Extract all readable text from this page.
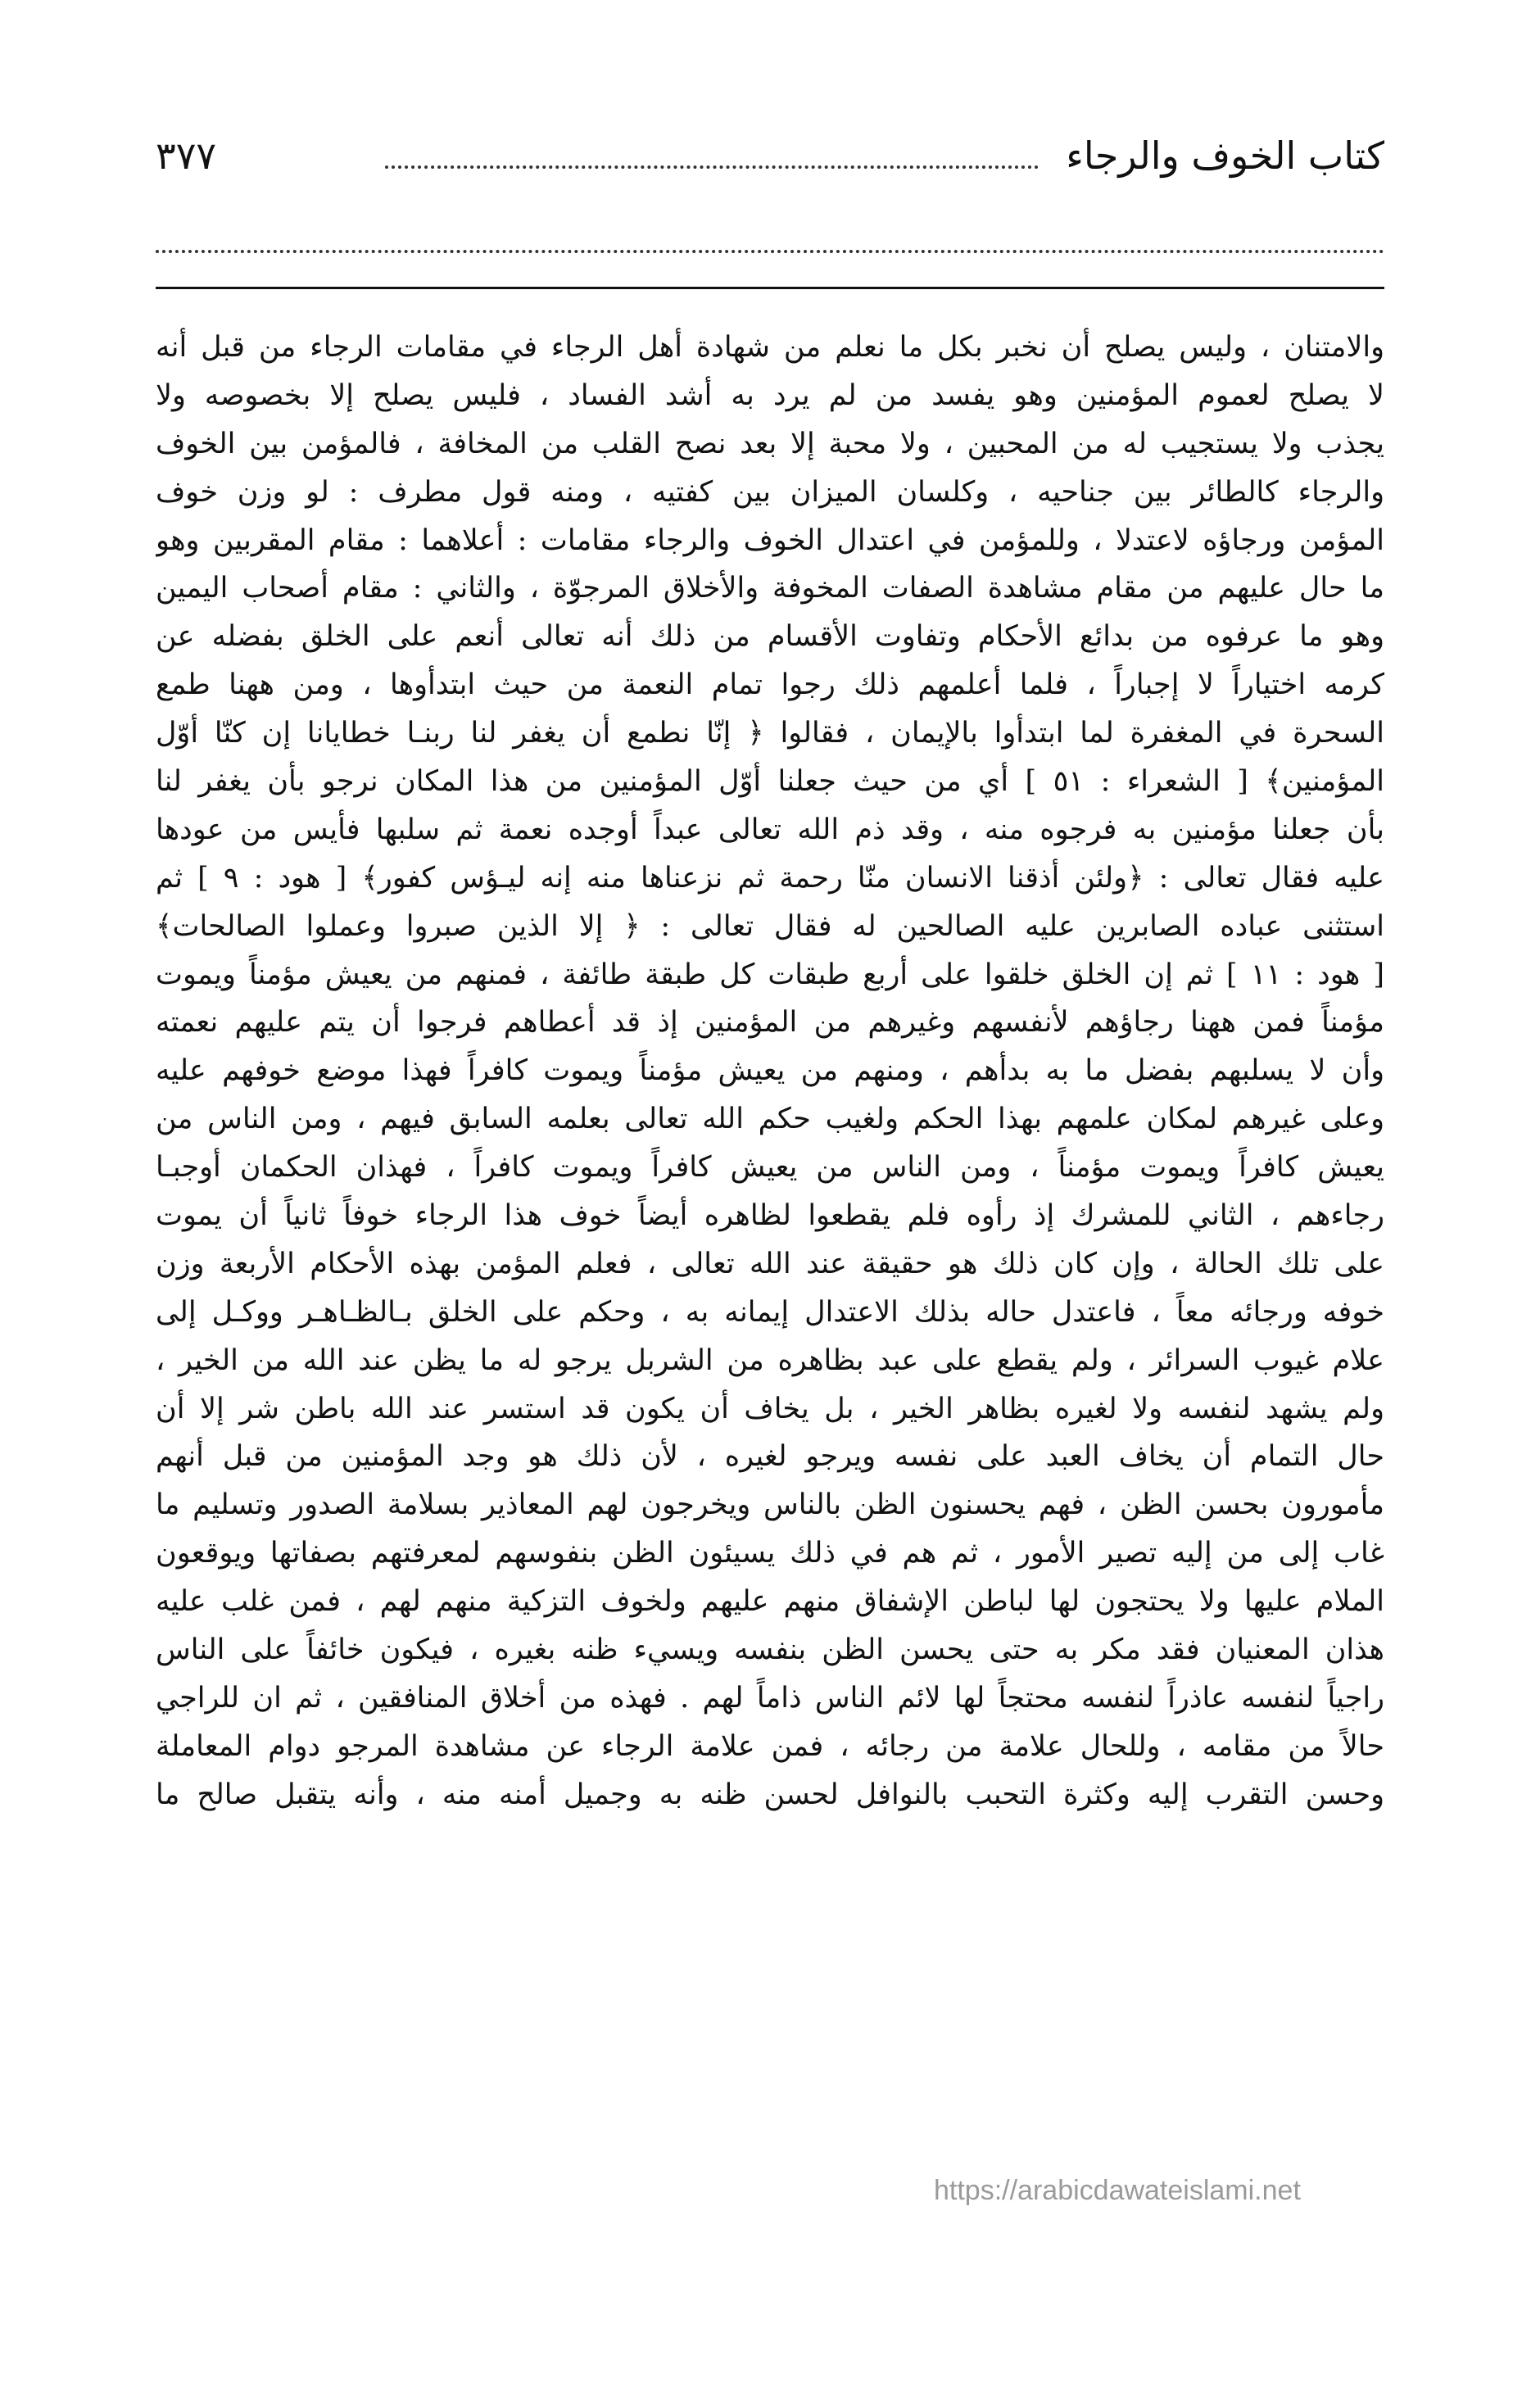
كتاب الخوف والرجاء
٣٧٧
والامتنان ، وليس يصلح أن نخبر بكل ما نعلم من شهادة أهل الرجاء في مقامات الرجاء من قبل أنه
لا يصلح لعموم المؤمنين وهو يفسد من لم يرد به أشد الفساد ، فليس يصلح إلا بخصوصه ولا
يجذب ولا يستجيب له من المحبين ، ولا محبة إلا بعد نصح القلب من المخافة ، فالمؤمن بين الخوف
والرجاء كالطائر بين جناحيه ، وكلسان الميزان بين كفتيه ، ومنه قول مطرف : لو وزن خوف
المؤمن ورجاؤه لاعتدلا ، وللمؤمن في اعتدال الخوف والرجاء مقامات : أعلاهما : مقام المقربين وهو
ما حال عليهم من مقام مشاهدة الصفات المخوفة والأخلاق المرجوّة ، والثاني : مقام أصحاب اليمين
وهو ما عرفوه من بدائع الأحكام وتفاوت الأقسام من ذلك أنه تعالى أنعم على الخلق بفضله عن
كرمه اختياراً لا إجباراً ، فلما أعلمهم ذلك رجوا تمام النعمة من حيث ابتدأوها ، ومن ههنا طمع
السحرة في المغفرة لما ابتدأوا بالإيمان ، فقالوا ﴿ إنّا نطمع أن يغفر لنا ربنـا خطايانا إن كنّا أوّل
المؤمنين﴾ [ الشعراء : ٥١ ] أي من حيث جعلنا أوّل المؤمنين من هذا المكان نرجو بأن يغفر لنا
بأن جعلنا مؤمنين به فرجوه منه ، وقد ذم الله تعالى عبداً أوجده نعمة ثم سلبها فأيس من عودها
عليه فقال تعالى : ﴿ولئن أذقنا الانسان منّا رحمة ثم نزعناها منه إنه ليـؤس كفور﴾ [ هود : ٩ ] ثم
استثنى عباده الصابرين عليه الصالحين له فقال تعالى : ﴿ إلا الذين صبروا وعملوا الصالحات﴾
[ هود : ١١ ] ثم إن الخلق خلقوا على أربع طبقات كل طبقة طائفة ، فمنهم من يعيش مؤمناً ويموت
مؤمناً فمن ههنا رجاؤهم لأنفسهم وغيرهم من المؤمنين إذ قد أعطاهم فرجوا أن يتم عليهم نعمته
وأن لا يسلبهم بفضل ما به بدأهم ، ومنهم من يعيش مؤمناً ويموت كافراً فهذا موضع خوفهم عليه
وعلى غيرهم لمكان علمهم بهذا الحكم ولغيب حكم الله تعالى بعلمه السابق فيهم ، ومن الناس من
يعيش كافراً ويموت مؤمناً ، ومن الناس من يعيش كافراً ويموت كافراً ، فهذان الحكمان أوجبـا
رجاءهم ، الثاني للمشرك إذ رأوه فلم يقطعوا لظاهره أيضاً خوف هذا الرجاء خوفاً ثانياً أن يموت
على تلك الحالة ، وإن كان ذلك هو حقيقة عند الله تعالى ، فعلم المؤمن بهذه الأحكام الأربعة وزن
خوفه ورجائه معاً ، فاعتدل حاله بذلك الاعتدال إيمانه به ، وحكم على الخلق بـالظـاهـر ووكـل إلى
علام غيوب السرائر ، ولم يقطع على عبد بظاهره من الشربل يرجو له ما يظن عند الله من الخير ،
ولم يشهد لنفسه ولا لغيره بظاهر الخير ، بل يخاف أن يكون قد استسر عند الله باطن شر إلا أن
حال التمام أن يخاف العبد على نفسه ويرجو لغيره ، لأن ذلك هو وجد المؤمنين من قبل أنهم
مأمورون بحسن الظن ، فهم يحسنون الظن بالناس ويخرجون لهم المعاذير بسلامة الصدور وتسليم ما
غاب إلى من إليه تصير الأمور ، ثم هم في ذلك يسيئون الظن بنفوسهم لمعرفتهم بصفاتها ويوقعون
الملام عليها ولا يحتجون لها لباطن الإشفاق منهم عليهم ولخوف التزكية منهم لهم ، فمن غلب عليه
هذان المعنيان فقد مكر به حتى يحسن الظن بنفسه ويسيء ظنه بغيره ، فيكون خائفاً على الناس
راجياً لنفسه عاذراً لنفسه محتجاً لها لائم الناس ذاماً لهم . فهذه من أخلاق المنافقين ، ثم ان للراجي
حالاً من مقامه ، وللحال علامة من رجائه ، فمن علامة الرجاء عن مشاهدة المرجو دوام المعاملة
وحسن التقرب إليه وكثرة التحبب بالنوافل لحسن ظنه به وجميل أمنه منه ، وأنه يتقبل صالح ما
https://arabicdawateislami.net
